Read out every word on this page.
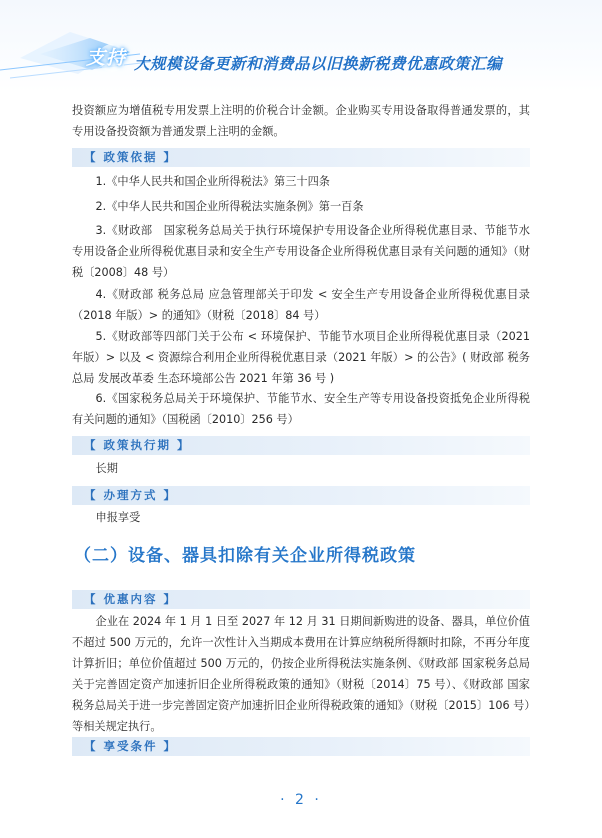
支持 大规模设备更新和消费品以旧换新税费优惠政策汇编

投资额应为增值税专用发票上注明的价税合计金额。企业购买专用设备取得普通发票的，其专用设备投资额为普通发票上注明的金额。

【 政策依据 】

1.《中华人民共和国企业所得税法》第三十四条

2.《中华人民共和国企业所得税法实施条例》第一百条

3.《财政部　国家税务总局关于执行环境保护专用设备企业所得税优惠目录、节能节水专用设备企业所得税优惠目录和安全生产专用设备企业所得税优惠目录有关问题的通知》（财税〔2008〕48 号）

4.《财政部 税务总局 应急管理部关于印发 < 安全生产专用设备企业所得税优惠目录（2018 年版）> 的通知》（财税〔2018〕84 号）

5.《财政部等四部门关于公布 < 环境保护、节能节水项目企业所得税优惠目录（2021 年版）> 以及 < 资源综合利用企业所得税优惠目录（2021 年版）> 的公告》( 财政部 税务总局 发展改革委 生态环境部公告 2021 年第 36 号 )

6.《国家税务总局关于环境保护、节能节水、安全生产等专用设备投资抵免企业所得税有关问题的通知》（国税函〔2010〕256 号）

【 政策执行期 】

长期

【 办理方式 】

申报享受

（二）设备、器具扣除有关企业所得税政策
【 优惠内容 】

企业在 2024 年 1 月 1 日至 2027 年 12 月 31 日期间新购进的设备、器具，单位价值不超过 500 万元的，允许一次性计入当期成本费用在计算应纳税所得额时扣除，不再分年度计算折旧；单位价值超过 500 万元的，仍按企业所得税法实施条例、《财政部 国家税务总局关于完善固定资产加速折旧企业所得税政策的通知》（财税〔2014〕75 号）、《财政部 国家税务总局关于进一步完善固定资产加速折旧企业所得税政策的通知》（财税〔2015〕106 号）等相关规定执行。

【 享受条件 】
· 2 ·
